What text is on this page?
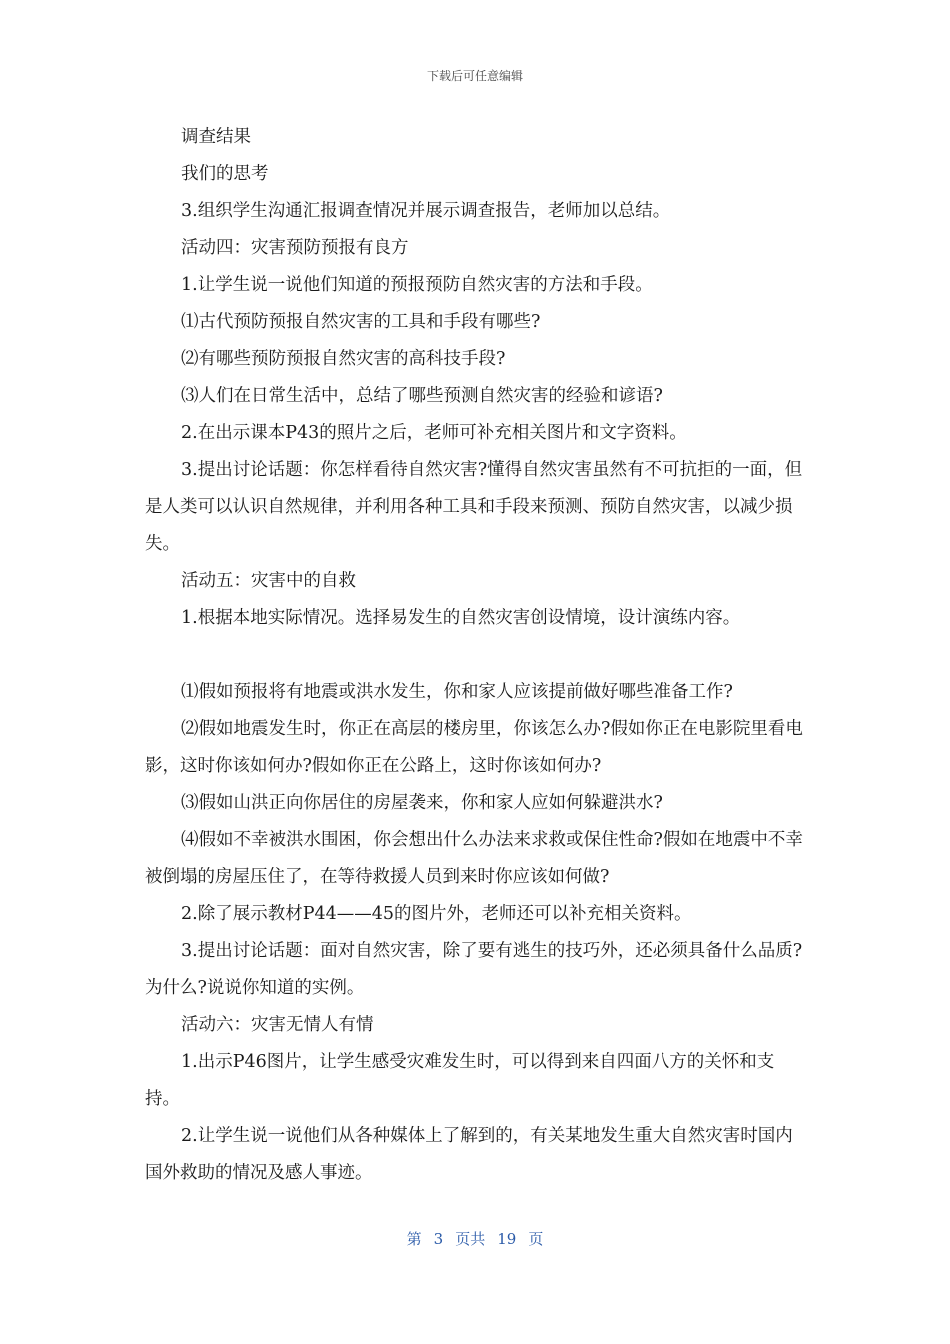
下载后可任意编辑

调查结果

我们的思考

3.组织学生沟通汇报调查情况并展示调查报告，老师加以总结。

活动四：灾害预防预报有良方

1.让学生说一说他们知道的预报预防自然灾害的方法和手段。

⑴古代预防预报自然灾害的工具和手段有哪些?

⑵有哪些预防预报自然灾害的高科技手段?

⑶人们在日常生活中，总结了哪些预测自然灾害的经验和谚语?

2.在出示课本P43的照片之后，老师可补充相关图片和文字资料。

3.提出讨论话题：你怎样看待自然灾害?懂得自然灾害虽然有不可抗拒的一面，但是人类可以认识自然规律，并利用各种工具和手段来预测、预防自然灾害，以减少损失。

活动五：灾害中的自救

1.根据本地实际情况。选择易发生的自然灾害创设情境，设计演练内容。

⑴假如预报将有地震或洪水发生，你和家人应该提前做好哪些准备工作?

⑵假如地震发生时，你正在高层的楼房里，你该怎么办?假如你正在电影院里看电影，这时你该如何办?假如你正在公路上，这时你该如何办?

⑶假如山洪正向你居住的房屋袭来，你和家人应如何躲避洪水?

⑷假如不幸被洪水围困，你会想出什么办法来求救或保住性命?假如在地震中不幸被倒塌的房屋压住了，在等待救援人员到来时你应该如何做?

2.除了展示教材P44——45的图片外，老师还可以补充相关资料。

3.提出讨论话题：面对自然灾害，除了要有逃生的技巧外，还必须具备什么品质?为什么?说说你知道的实例。

活动六：灾害无情人有情

1.出示P46图片，让学生感受灾难发生时，可以得到来自四面八方的关怀和支持。

2.让学生说一说他们从各种媒体上了解到的，有关某地发生重大自然灾害时国内国外救助的情况及感人事迹。

第 3 页共 19 页
